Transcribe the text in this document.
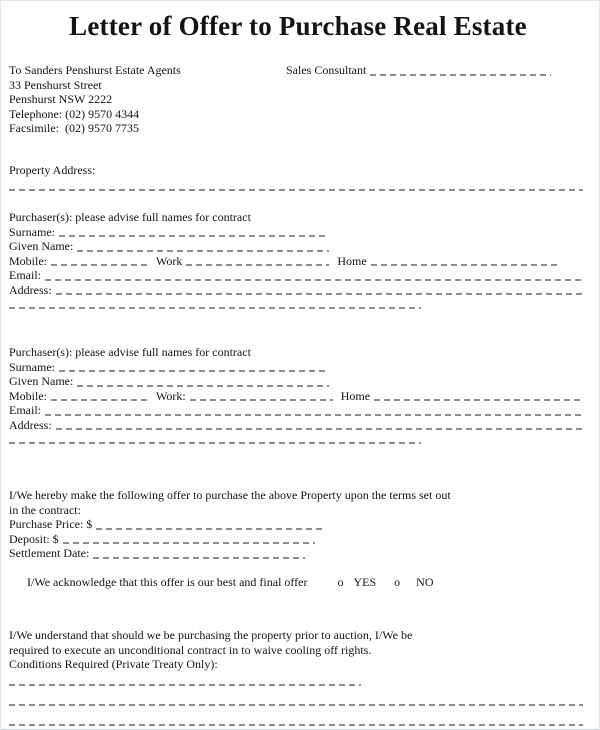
Letter of Offer to Purchase Real Estate
To Sanders Penshurst Estate Agents
33 Penshurst Street
Penshurst NSW 2222
Telephone: (02) 9570 4344
Facsimile:  (02) 9570 7735
Sales Consultant
Property Address:
Purchaser(s): please advise full names for contract
Surname:
Given Name:
Mobile:	Work	Home
Email:
Address:
Purchaser(s): please advise full names for contract
Surname:
Given Name:
Mobile:	Work:	Home
Email:
Address:
I/We hereby make the following offer to purchase the above Property upon the terms set out
in the contract:
Purchase Price: $
Deposit: $
Settlement Date:

I/We acknowledge that this offer is our best and final offer	o YES o NO

I/We understand that should we be purchasing the property prior to auction, I/We be
required to execute an unconditional contract in to waive cooling off rights.
Conditions Required (Private Treaty Only):
